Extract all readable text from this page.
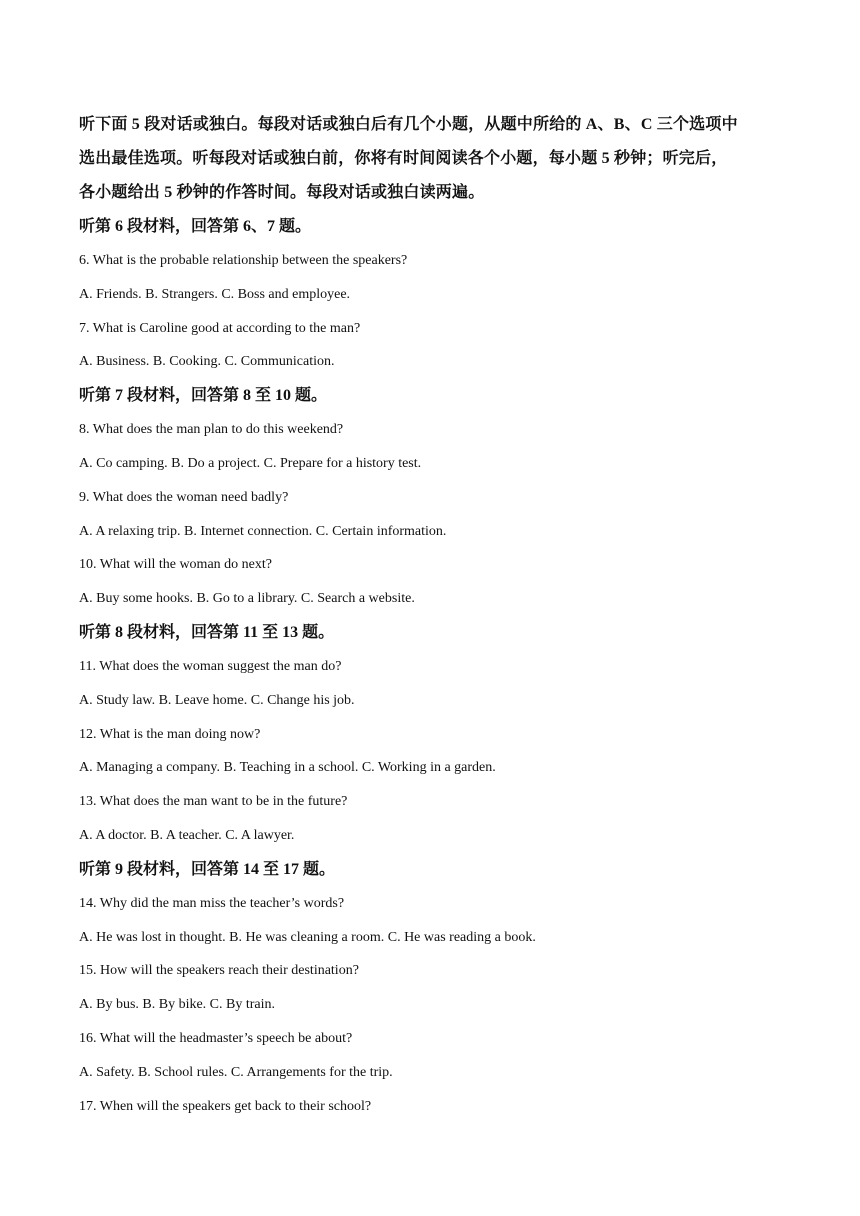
听下面 5 段对话或独白。每段对话或独白后有几个小题，从题中所给的 A、B、C 三个选项中
选出最佳选项。听每段对话或独白前，你将有时间阅读各个小题，每小题 5 秒钟；听完后，
各小题给出 5 秒钟的作答时间。每段对话或独白读两遍。
听第 6 段材料，回答第 6、7 题。
6. What is the probable relationship between the speakers?
A. Friends. B. Strangers. C. Boss and employee.
7. What is Caroline good at according to the man?
A. Business. B. Cooking. C. Communication.
听第 7 段材料，回答第 8 至 10 题。
8. What does the man plan to do this weekend?
A. Co camping. B. Do a project. C. Prepare for a history test.
9. What does the woman need badly?
A. A relaxing trip. B. Internet connection. C. Certain information.
10. What will the woman do next?
A. Buy some hooks. B. Go to a library. C. Search a website.
听第 8 段材料，回答第 11 至 13 题。
11. What does the woman suggest the man do?
A. Study law. B. Leave home. C. Change his job.
12. What is the man doing now?
A. Managing a company. B. Teaching in a school. C. Working in a garden.
13. What does the man want to be in the future?
A. A doctor. B. A teacher. C. A lawyer.
听第 9 段材料，回答第 14 至 17 题。
14. Why did the man miss the teacher’s words?
A. He was lost in thought. B. He was cleaning a room. C. He was reading a book.
15. How will the speakers reach their destination?
A. By bus. B. By bike. C. By train.
16. What will the headmaster’s speech be about?
A. Safety. B. School rules. C. Arrangements for the trip.
17. When will the speakers get back to their school?
